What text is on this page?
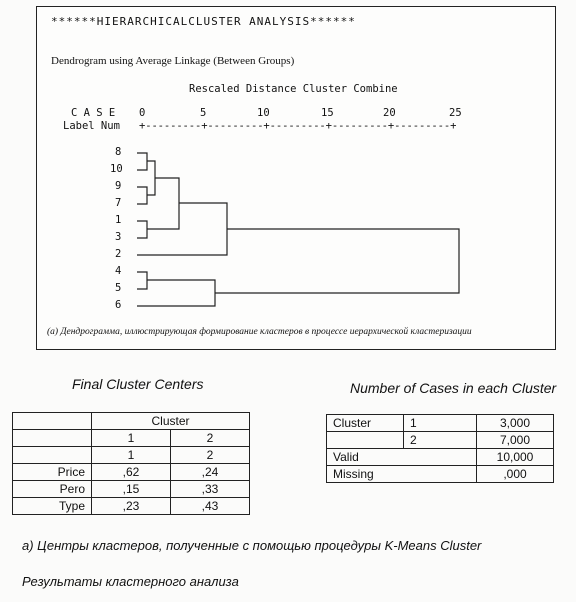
******HIERARCHICALCLUSTER ANALYSIS******
Dendrogram using Average Linkage (Between Groups)
Rescaled Distance Cluster Combine
C A S E
Label Num
0	5	10	15	20	25
+---------+---------+---------+---------+---------+
8
10
9
7
1
3
2
4
5
6
(а) Дендрограмма, иллюстрирующая формирование кластеров в процессе иерархической кластеризации
Final Cluster Centers	Number of Cases in each Cluster
	Cluster	
	1	2
	1	2
Price	,62	,24
Pero	,15	,33
Type	,23	,43
Cluster	1	3,000
	2	7,000
Valid		10,000
Missing		,000
а) Центры кластеров, полученные с помощью процедуры K-Means Cluster
Результаты кластерного анализа
